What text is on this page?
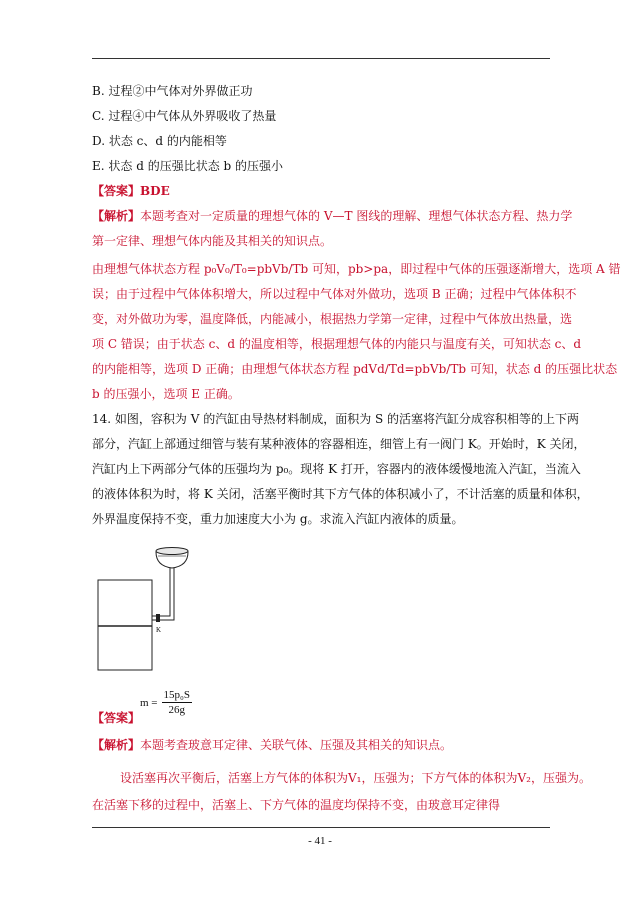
B. 过程②中气体对外界做正功
C. 过程④中气体从外界吸收了热量
D. 状态 c、d 的内能相等
E. 状态 d 的压强比状态 b 的压强小
【答案】BDE
【解析】本题考查对一定质量的理想气体的 V—T 图线的理解、理想气体状态方程、热力学
第一定律、理想气体内能及其相关的知识点。
由理想气体状态方程 p₀V₀/T₀=pbVb/Tb 可知，pb>pa，即过程中气体的压强逐渐增大，选项 A 错
误；由于过程中气体体积增大，所以过程中气体对外做功，选项 B 正确；过程中气体体积不
变，对外做功为零，温度降低，内能减小，根据热力学第一定律，过程中气体放出热量，选
项 C 错误；由于状态 c、d 的温度相等，根据理想气体的内能只与温度有关，可知状态 c、d
的内能相等，选项 D 正确；由理想气体状态方程 pdVd/Td=pbVb/Tb 可知，状态 d 的压强比状态
b 的压强小，选项 E 正确。
14. 如图，容积为 V 的汽缸由导热材料制成，面积为 S 的活塞将汽缸分成容积相等的上下两
部分，汽缸上部通过细管与装有某种液体的容器相连，细管上有一阀门 K。开始时，K 关闭，
汽缸内上下两部分气体的压强均为 p₀。现将 K 打开，容器内的液体缓慢地流入汽缸，当流入
的液体体积为时，将 K 关闭，活塞平衡时其下方气体的体积减小了，不计活塞的质量和体积，
外界温度保持不变，重力加速度大小为 g。求流入汽缸内液体的质量。
K
【答案】
$m = \frac{\text{15p₀S}}{26g}$
【解析】本题考查玻意耳定律、关联气体、压强及其相关的知识点。
设活塞再次平衡后，活塞上方气体的体积为V₁，压强为；下方气体的体积为V₂，压强为。
在活塞下移的过程中，活塞上、下方气体的温度均保持不变，由玻意耳定律得
- 41 -
